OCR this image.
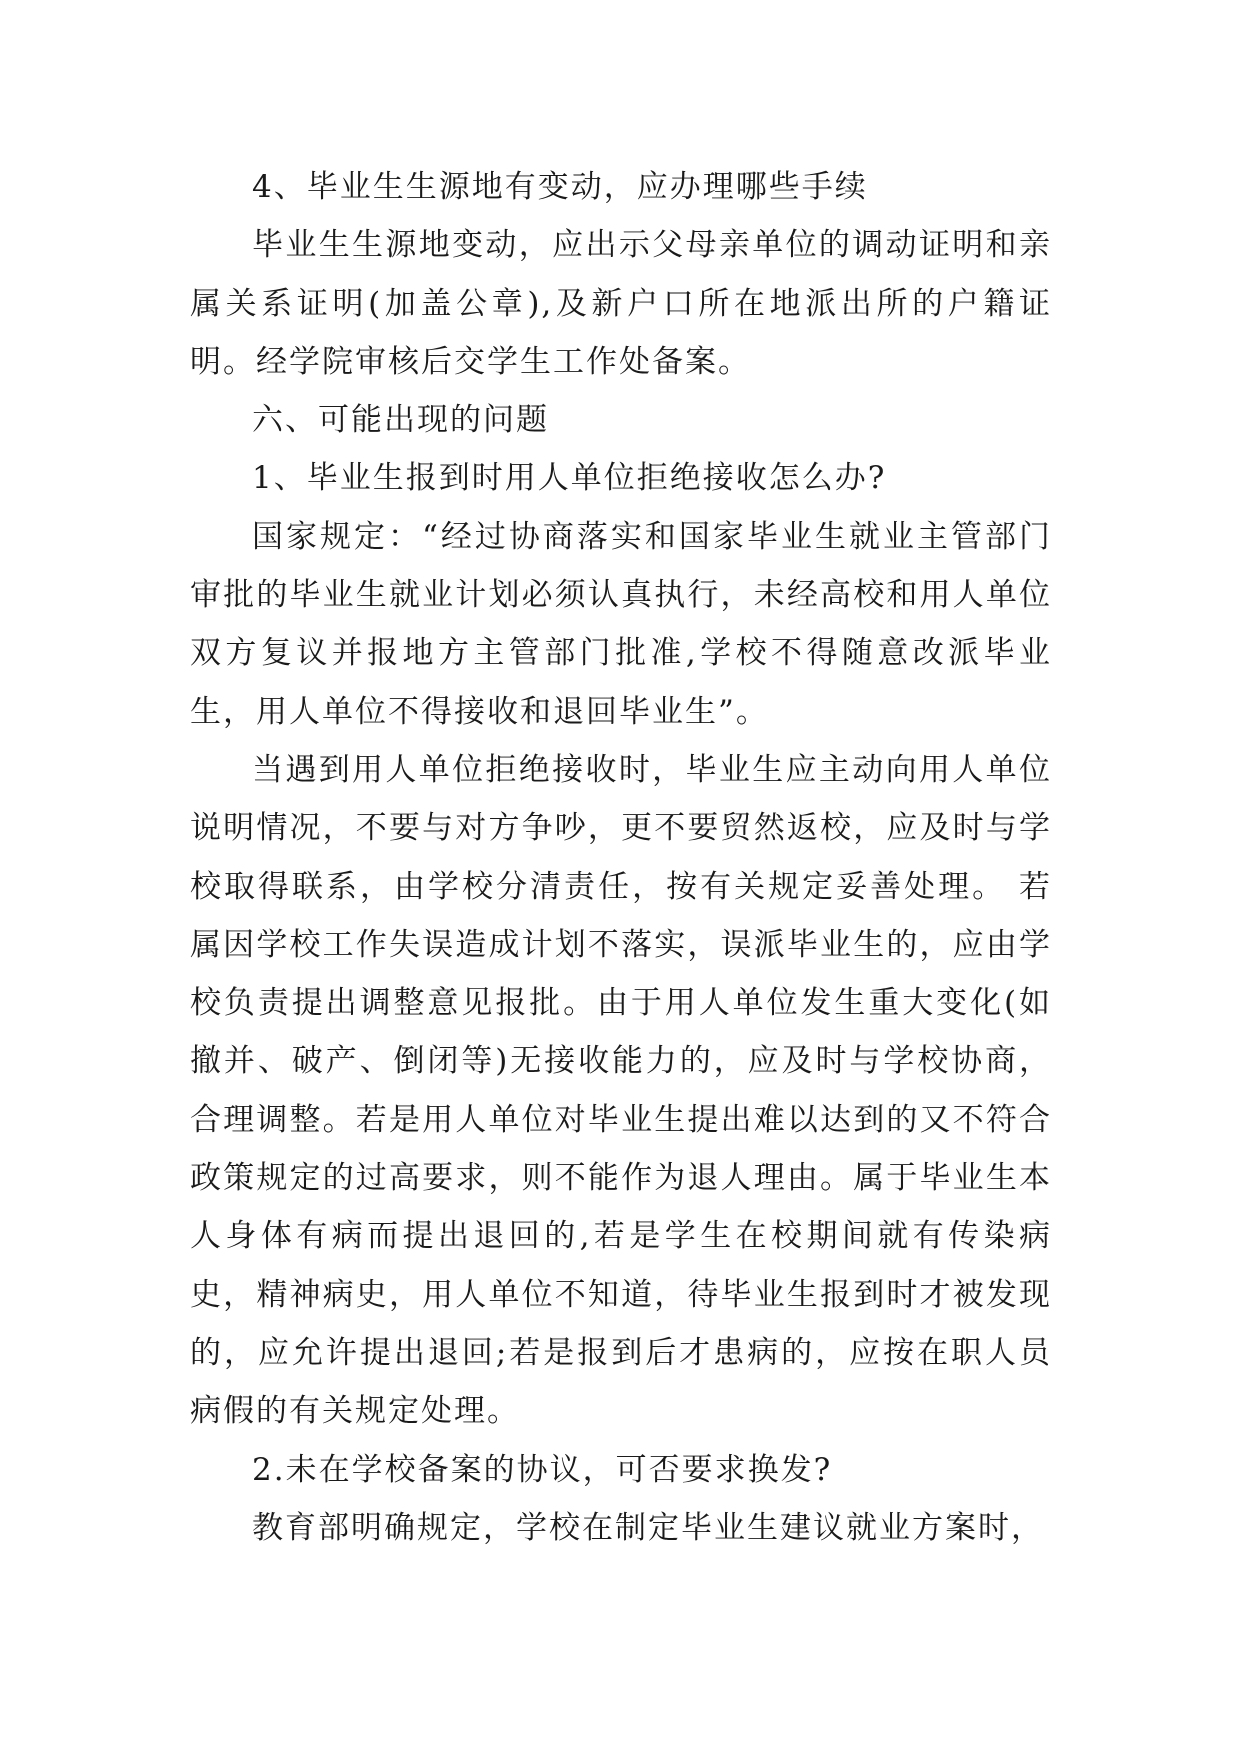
4、毕业生生源地有变动，应办理哪些手续

毕业生生源地变动，应出示父母亲单位的调动证明和亲属关系证明(加盖公章),及新户口所在地派出所的户籍证明。经学院审核后交学生工作处备案。

六、可能出现的问题

1、毕业生报到时用人单位拒绝接收怎么办?

国家规定：“经过协商落实和国家毕业生就业主管部门审批的毕业生就业计划必须认真执行，未经高校和用人单位双方复议并报地方主管部门批准,学校不得随意改派毕业生，用人单位不得接收和退回毕业生”。

当遇到用人单位拒绝接收时，毕业生应主动向用人单位说明情况，不要与对方争吵，更不要贸然返校，应及时与学校取得联系，由学校分清责任，按有关规定妥善处理。 若属因学校工作失误造成计划不落实，误派毕业生的，应由学校负责提出调整意见报批。由于用人单位发生重大变化(如撤并、破产、倒闭等)无接收能力的，应及时与学校协商，合理调整。若是用人单位对毕业生提出难以达到的又不符合政策规定的过高要求，则不能作为退人理由。属于毕业生本人身体有病而提出退回的,若是学生在校期间就有传染病史，精神病史，用人单位不知道，待毕业生报到时才被发现的，应允许提出退回;若是报到后才患病的，应按在职人员病假的有关规定处理。

2.未在学校备案的协议，可否要求换发?

教育部明确规定，学校在制定毕业生建议就业方案时，
